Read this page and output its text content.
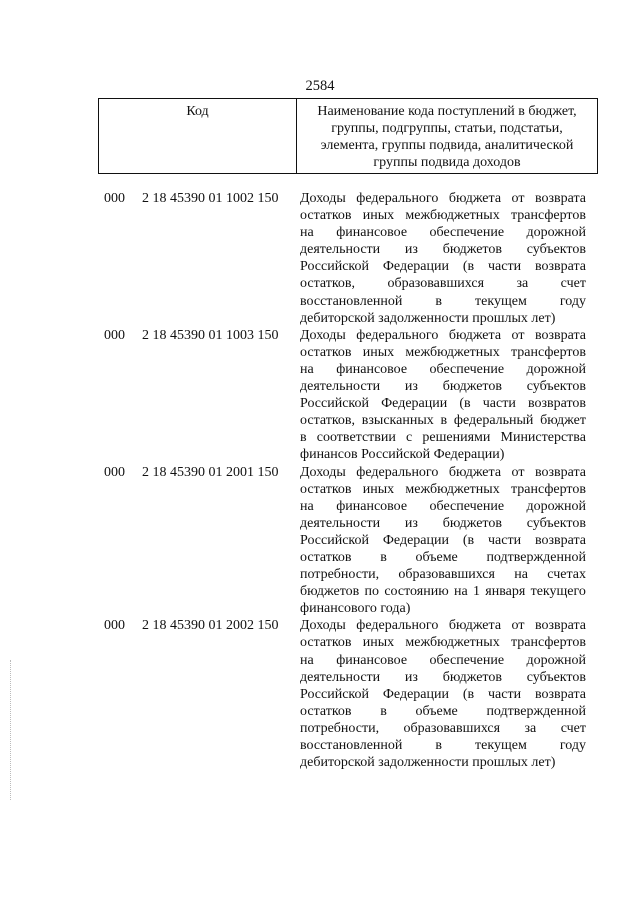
2584
Код	Наименование кода поступлений в бюджет,
группы, подгруппы, статьи, подстатьи,
элемента, группы подвида, аналитической
группы подвида доходов
000	2 18 45390 01 1002 150	Доходы федерального бюджета от возврата
остатков иных межбюджетных трансфертов
на финансовое обеспечение дорожной
деятельности из бюджетов субъектов
Российской Федерации (в части возврата
остатков, образовавшихся за счет
восстановленной в текущем году
дебиторской задолженности прошлых лет)
000	2 18 45390 01 1003 150	Доходы федерального бюджета от возврата
остатков иных межбюджетных трансфертов
на финансовое обеспечение дорожной
деятельности из бюджетов субъектов
Российской Федерации (в части возвратов
остатков, взысканных в федеральный бюджет
в соответствии с решениями Министерства
финансов Российской Федерации)
000	2 18 45390 01 2001 150	Доходы федерального бюджета от возврата
остатков иных межбюджетных трансфертов
на финансовое обеспечение дорожной
деятельности из бюджетов субъектов
Российской Федерации (в части возврата
остатков в объеме подтвержденной
потребности, образовавшихся на счетах
бюджетов по состоянию на 1 января текущего
финансового года)
000	2 18 45390 01 2002 150	Доходы федерального бюджета от возврата
остатков иных межбюджетных трансфертов
на финансовое обеспечение дорожной
деятельности из бюджетов субъектов
Российской Федерации (в части возврата
остатков в объеме подтвержденной
потребности, образовавшихся за счет
восстановленной в текущем году
дебиторской задолженности прошлых лет)
